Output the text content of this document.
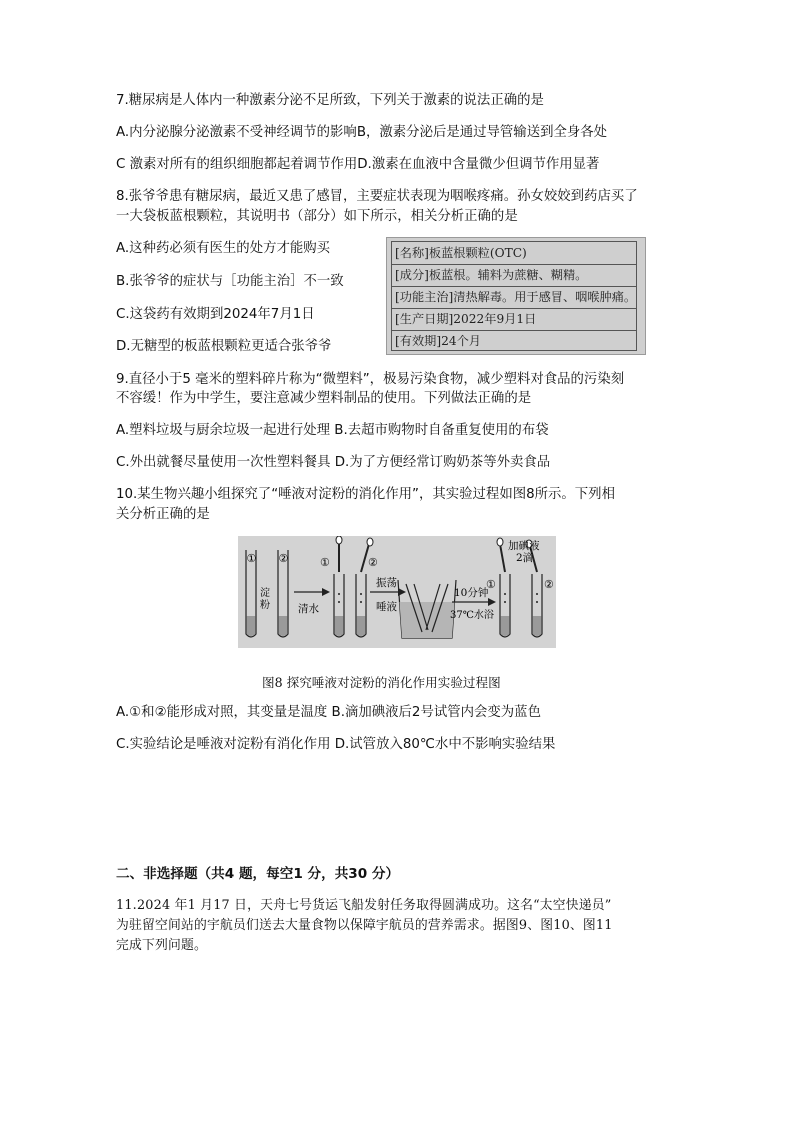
7.糖尿病是人体内一种激素分泌不足所致，下列关于激素的说法正确的是
A.内分泌腺分泌激素不受神经调节的影响B，激素分泌后是通过导管输送到全身各处
C 激素对所有的组织细胞都起着调节作用D.激素在血液中含量微少但调节作用显著
8.张爷爷患有糖尿病，最近又患了感冒，主要症状表现为咽喉疼痛。孙女姣姣到药店买了
一大袋板蓝根颗粒，其说明书（部分）如下所示，相关分析正确的是
A.这种药必须有医生的处方才能购买
B.张爷爷的症状与［功能主治］不一致
C.这袋药有效期到2024年7月1日
D.无糖型的板蓝根颗粒更适合张爷爷
[名称]板蓝根颗粒(OTC)
[成分]板蓝根。辅料为蔗糖、糊精。
[功能主治]清热解毒。用于感冒、咽喉肿痛。
[生产日期]2022年9月1日
[有效期]24个月
9.直径小于5 毫米的塑料碎片称为“微塑料”，极易污染食物，减少塑料对食品的污染刻
不容缓！作为中学生，要注意减少塑料制品的使用。下列做法正确的是
A.塑料垃圾与厨余垃圾一起进行处理 B.去超市购物时自备重复使用的布袋
C.外出就餐尽量使用一次性塑料餐具 D.为了方便经常订购奶茶等外卖食品
10.某生物兴趣小组探究了“唾液对淀粉的消化作用”，其实验过程如图8所示。下列相
关分析正确的是
① ②
淀
粉	清水
①	②
振荡
唾液
10分钟
37℃水浴
加碘液
2滴
①	②
图8 探究唾液对淀粉的消化作用实验过程图
A.①和②能形成对照，其变量是温度 B.滴加碘液后2号试管内会变为蓝色
C.实验结论是唾液对淀粉有消化作用 D.试管放入80℃水中不影响实验结果
二、非选择题（共4 题，每空1 分，共30 分）
11.2024 年1 月17 日，天舟七号货运飞船发射任务取得圆满成功。这名“太空快递员”
为驻留空间站的宇航员们送去大量食物以保障宇航员的营养需求。据图9、图10、图11
完成下列问题。
